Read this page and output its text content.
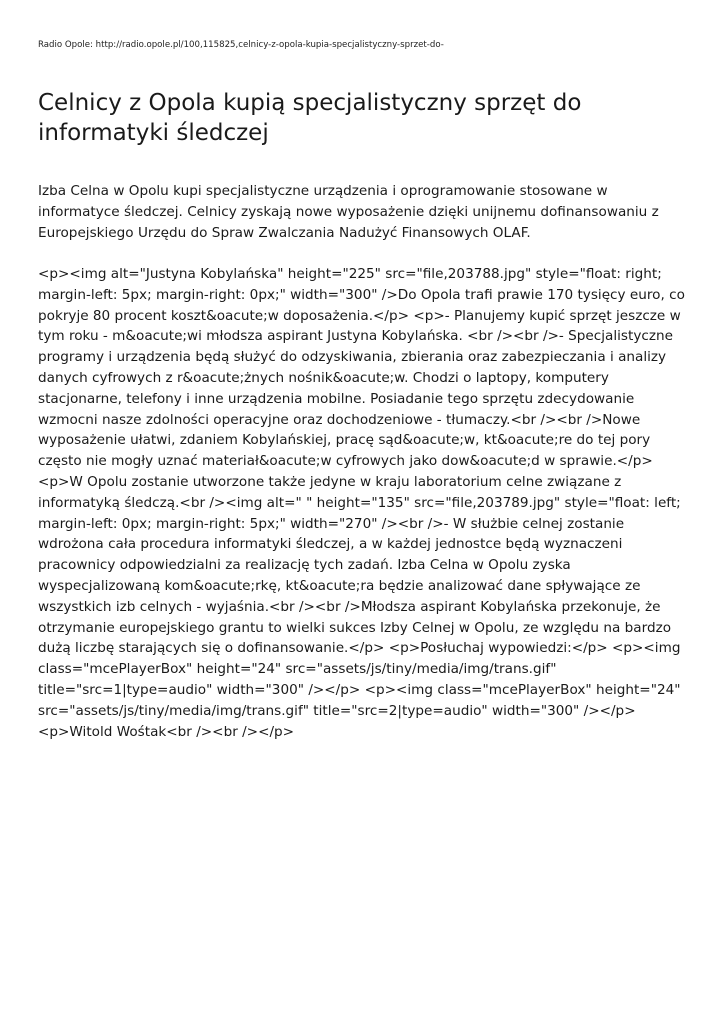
Radio Opole: http://radio.opole.pl/100,115825,celnicy-z-opola-kupia-specjalistyczny-sprzet-do-
Celnicy z Opola kupią specjalistyczny sprzęt do informatyki śledczej

Izba Celna w Opolu kupi specjalistyczne urządzenia i oprogramowanie stosowane w informatyce śledczej. Celnicy zyskają nowe wyposażenie dzięki unijnemu dofinansowaniu z Europejskiego Urzędu do Spraw Zwalczania Nadużyć Finansowych OLAF.

<p><img alt="Justyna Kobylańska" height="225" src="file,203788.jpg" style="float: right; margin-left: 5px; margin-right: 0px;" width="300" />Do Opola trafi prawie 170 tysięcy euro, co pokryje 80 procent koszt&oacute;w doposażenia.</p> <p>- Planujemy kupić sprzęt jeszcze w tym roku - m&oacute;wi młodsza aspirant Justyna Kobylańska. <br /><br />- Specjalistyczne programy i urządzenia będą służyć do odzyskiwania, zbierania oraz zabezpieczania i analizy danych cyfrowych z r&oacute;żnych nośnik&oacute;w. Chodzi o laptopy, komputery stacjonarne, telefony i inne urządzenia mobilne. Posiadanie tego sprzętu zdecydowanie wzmocni nasze zdolności operacyjne oraz dochodzeniowe - tłumaczy.<br /><br />Nowe wyposażenie ułatwi, zdaniem Kobylańskiej, pracę sąd&oacute;w, kt&oacute;re do tej pory często nie mogły uznać materiał&oacute;w cyfrowych jako dow&oacute;d w sprawie.</p> <p>W Opolu zostanie utworzone także jedyne w kraju laboratorium celne związane z informatyką śledczą.<br /><img alt=" " height="135" src="file,203789.jpg" style="float: left; margin-left: 0px; margin-right: 5px;" width="270" /><br />- W służbie celnej zostanie wdrożona cała procedura informatyki śledczej, a w każdej jednostce będą wyznaczeni pracownicy odpowiedzialni za realizację tych zadań. Izba Celna w Opolu zyska wyspecjalizowaną kom&oacute;rkę, kt&oacute;ra będzie analizować dane spływające ze wszystkich izb celnych - wyjaśnia.<br /><br />Młodsza aspirant Kobylańska przekonuje, że otrzymanie europejskiego grantu to wielki sukces Izby Celnej w Opolu, ze względu na bardzo dużą liczbę starających się o dofinansowanie.</p> <p>Posłuchaj wypowiedzi:</p> <p><img class="mcePlayerBox" height="24" src="assets/js/tiny/media/img/trans.gif" title="src=1|type=audio" width="300" /></p> <p><img class="mcePlayerBox" height="24" src="assets/js/tiny/media/img/trans.gif" title="src=2|type=audio" width="300" /></p> <p>Witold Wośtak<br /><br /></p>
